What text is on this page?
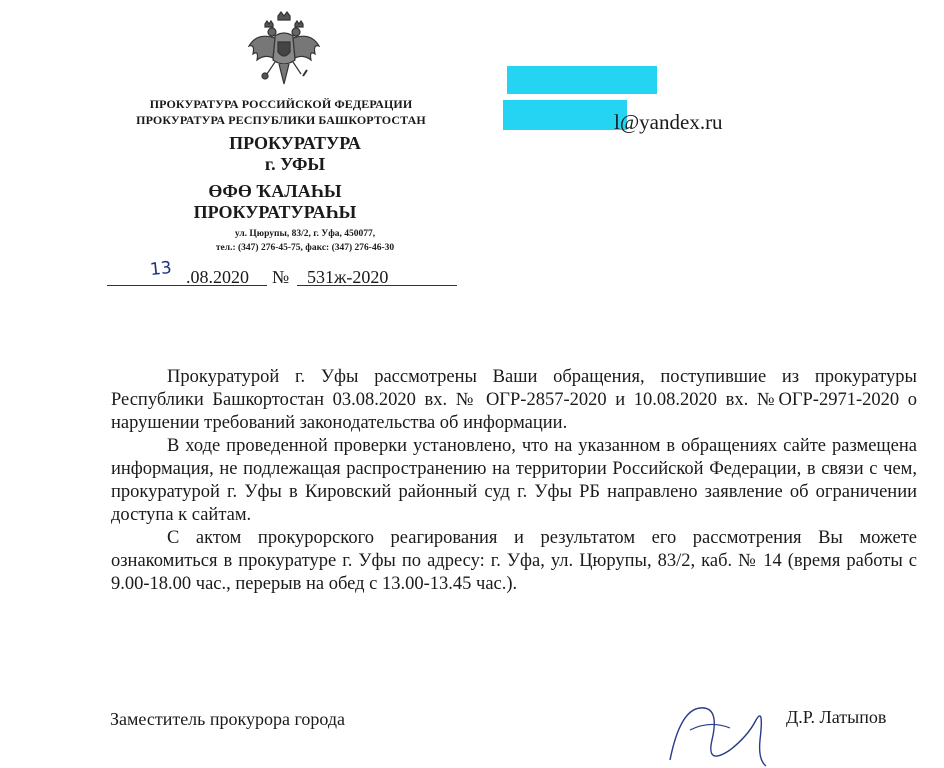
ПРОКУРАТУРА РОССИЙСКОЙ ФЕДЕРАЦИИ
ПРОКУРАТУРА РЕСПУБЛИКИ БАШКОРТОСТАН
ПРОКУРАТУРА
г. УФЫ
ӨФӨ ҠАЛАҺЫ
ПРОКУРАТУРАҺЫ
ул. Цюрупы, 83/2, г. Уфа, 450077,
тел.: (347) 276-45-75, факс: (347) 276-46-30
13 .08.2020 № 531ж-2020
l@yandex.ru

Прокуратурой г. Уфы рассмотрены Ваши обращения, поступившие из прокуратуры Республики Башкортостан 03.08.2020 вх. № ОГР-2857-2020 и 10.08.2020 вх. №ОГР-2971-2020 о нарушении требований законодательства об информации.

В ходе проведенной проверки установлено, что на указанном в обращениях сайте размещена информация, не подлежащая распространению на территории Российской Федерации, в связи с чем, прокуратурой г. Уфы в Кировский районный суд г. Уфы РБ направлено заявление об ограничении доступа к сайтам.

С актом прокурорского реагирования и результатом его рассмотрения Вы можете ознакомиться в прокуратуре г. Уфы по адресу: г. Уфа, ул. Цюрупы, 83/2, каб. № 14 (время работы с 9.00-18.00 час., перерыв на обед с 13.00-13.45 час.).

Заместитель прокурора города	Д.Р. Латыпов
